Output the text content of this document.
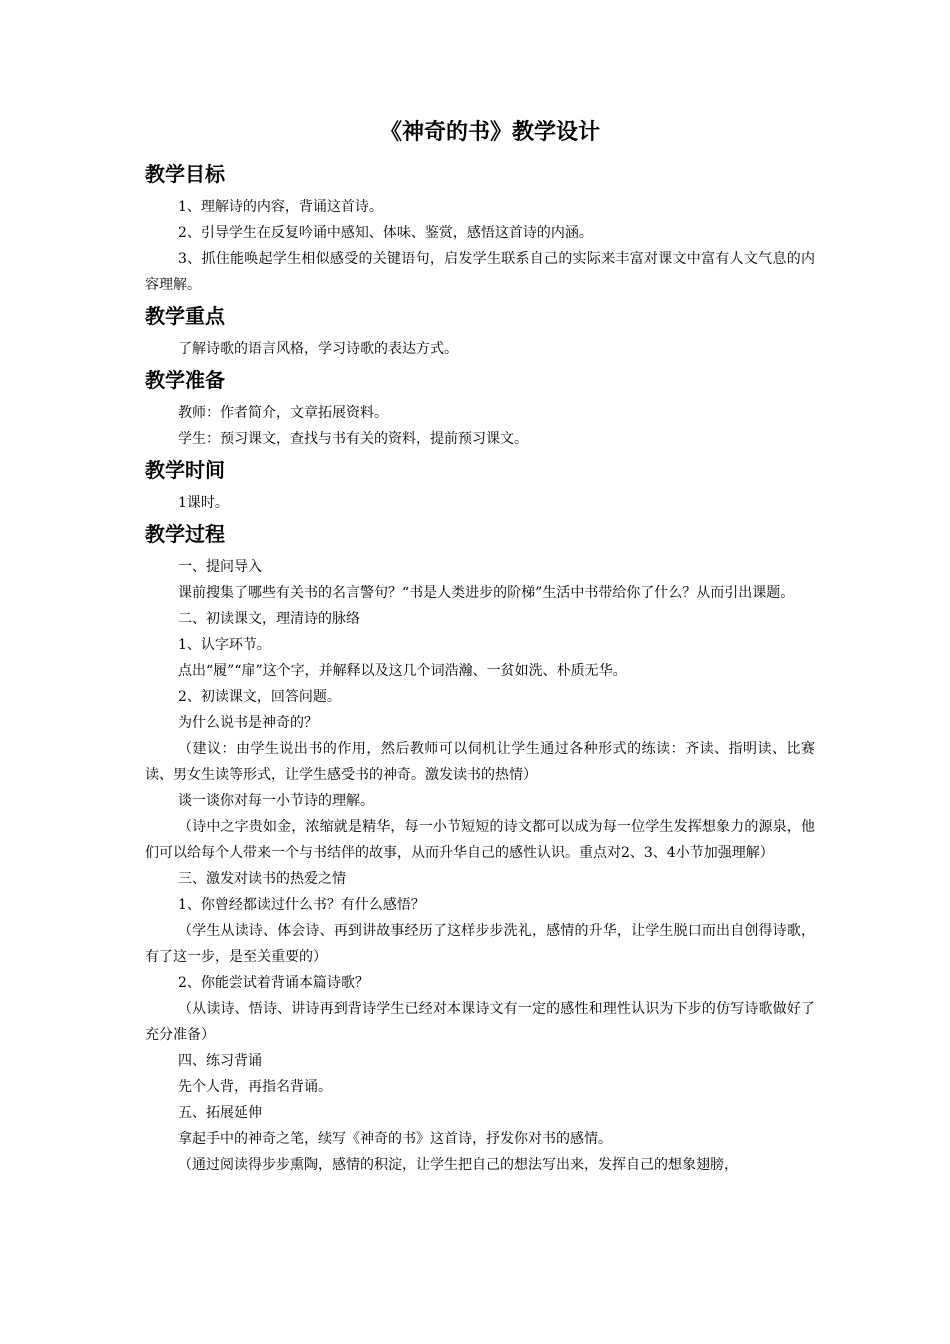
《神奇的书》教学设计
教学目标

1、理解诗的内容，背诵这首诗。

2、引导学生在反复吟诵中感知、体味、鉴赏，感悟这首诗的内涵。

3、抓住能唤起学生相似感受的关键语句，启发学生联系自己的实际来丰富对课文中富有人文气息的内容理解。

教学重点

了解诗歌的语言风格，学习诗歌的表达方式。

教学准备

教师：作者简介，文章拓展资料。

学生：预习课文，查找与书有关的资料，提前预习课文。

教学时间

1课时。

教学过程

一、提问导入

课前搜集了哪些有关书的名言警句？“书是人类进步的阶梯”生活中书带给你了什么？从而引出课题。

二、初读课文，理清诗的脉络

1、认字环节。

点出“履”“扉”这个字，并解释以及这几个词浩瀚、一贫如洗、朴质无华。

2、初读课文，回答问题。

为什么说书是神奇的？

（建议：由学生说出书的作用，然后教师可以伺机让学生通过各种形式的练读：齐读、指明读、比赛读、男女生读等形式，让学生感受书的神奇。激发读书的热情）

谈一谈你对每一小节诗的理解。

（诗中之字贵如金，浓缩就是精华，每一小节短短的诗文都可以成为每一位学生发挥想象力的源泉，他们可以给每个人带来一个与书结伴的故事，从而升华自己的感性认识。重点对2、3、4小节加强理解）

三、激发对读书的热爱之情

1、你曾经都读过什么书？有什么感悟？

（学生从读诗、体会诗、再到讲故事经历了这样步步洗礼，感情的升华，让学生脱口而出自创得诗歌，有了这一步，是至关重要的）

2、你能尝试着背诵本篇诗歌？

（从读诗、悟诗、讲诗再到背诗学生已经对本课诗文有一定的感性和理性认识为下步的仿写诗歌做好了充分准备）

四、练习背诵

先个人背，再指名背诵。

五、拓展延伸

拿起手中的神奇之笔，续写《神奇的书》这首诗，抒发你对书的感情。

（通过阅读得步步熏陶，感情的积淀，让学生把自己的想法写出来，发挥自己的想象翅膀，
